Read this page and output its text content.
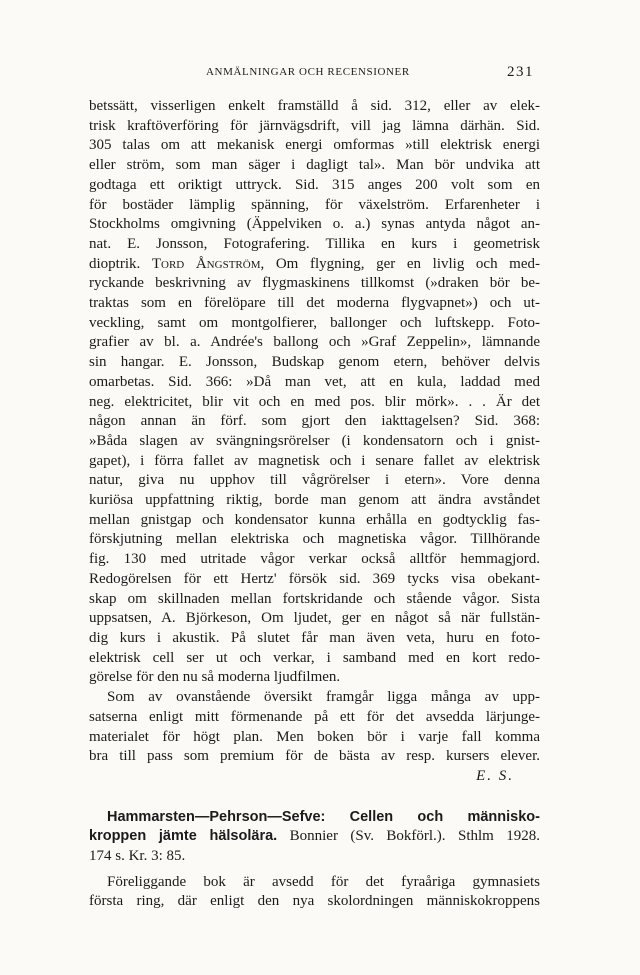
ANMÄLNINGAR OCH RECENSIONER	231
betssätt, visserligen enkelt framställd å sid. 312, eller av elek-
trisk kraftöverföring för järnvägsdrift, vill jag lämna därhän. Sid.
305 talas om att mekanisk energi omformas »till elektrisk energi
eller ström, som man säger i dagligt tal». Man bör undvika att
godtaga ett oriktigt uttryck. Sid. 315 anges 200 volt som en
för bostäder lämplig spänning, för växelström. Erfarenheter i
Stockholms omgivning (Äppelviken o. a.) synas antyda något an-
nat. E. Jonsson, Fotografering. Tillika en kurs i geometrisk
dioptrik. Tord Ångström, Om flygning, ger en livlig och med-
ryckande beskrivning av flygmaskinens tillkomst (»draken bör be-
traktas som en förelöpare till det moderna flygvapnet») och ut-
veckling, samt om montgolfierer, ballonger och luftskepp. Foto-
grafier av bl. a. Andrée's ballong och »Graf Zeppelin», lämnande
sin hangar. E. Jonsson, Budskap genom etern, behöver delvis
omarbetas. Sid. 366: »Då man vet, att en kula, laddad med
neg. elektricitet, blir vit och en med pos. blir mörk». . . Är det
någon annan än förf. som gjort den iakttagelsen? Sid. 368:
»Båda slagen av svängningsrörelser (i kondensatorn och i gnist-
gapet), i förra fallet av magnetisk och i senare fallet av elektrisk
natur, giva nu upphov till vågrörelser i etern». Vore denna
kuriösa uppfattning riktig, borde man genom att ändra avståndet
mellan gnistgap och kondensator kunna erhålla en godtycklig fas-
förskjutning mellan elektriska och magnetiska vågor. Tillhörande
fig. 130 med utritade vågor verkar också alltför hemmagjord.
Redogörelsen för ett Hertz' försök sid. 369 tycks visa obekant-
skap om skillnaden mellan fortskridande och stående vågor. Sista
uppsatsen, A. Björkeson, Om ljudet, ger en något så när fullstän-
dig kurs i akustik. På slutet får man även veta, huru en foto-
elektrisk cell ser ut och verkar, i samband med en kort redo-
görelse för den nu så moderna ljudfilmen.
Som av ovanstående översikt framgår ligga många av upp-
satserna enligt mitt förmenande på ett för det avsedda lärjunge-
materialet för högt plan. Men boken bör i varje fall komma
bra till pass som premium för de bästa av resp. kursers elever.
E. S.
Hammarsten—Pehrson—Sefve: Cellen och människo-
kroppen jämte hälsolära. Bonnier (Sv. Bokförl.). Sthlm 1928.
174 s. Kr. 3: 85.
Föreliggande bok är avsedd för det fyraåriga gymnasiets
första ring, där enligt den nya skolordningen människokroppens
